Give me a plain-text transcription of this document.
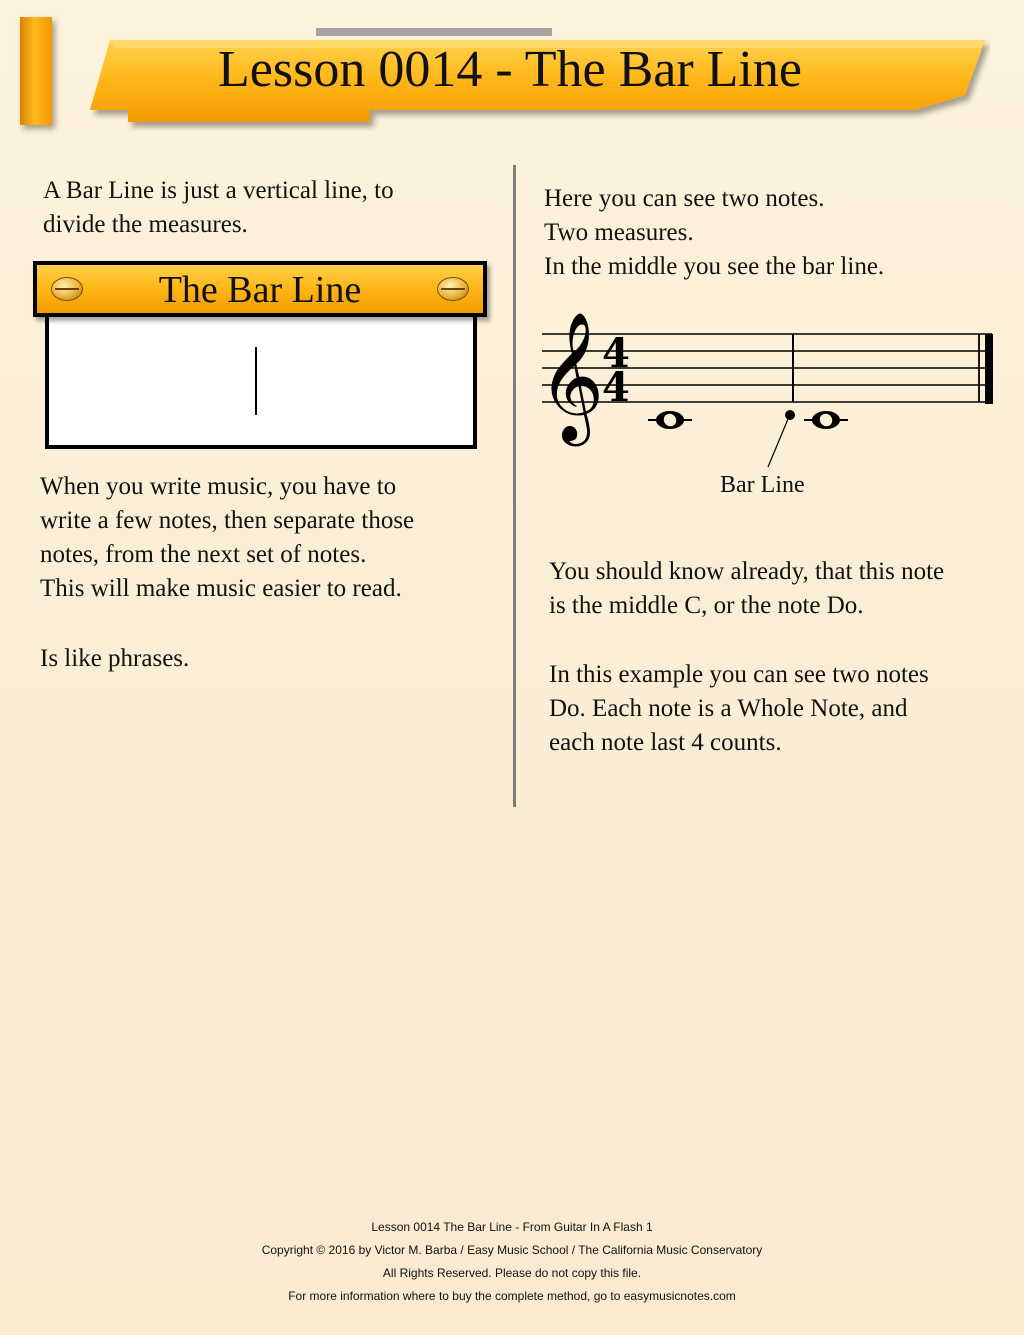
Lesson 0014 - The Bar Line

A Bar Line is just a vertical line, to

divide the measures.

The Bar Line

When you write music, you have to

write a few notes, then separate those

notes, from the next set of notes.

This will make music easier to read.

Is like phrases.

Here you can see two notes.

Two measures.

In the middle you see the bar line.

𝄞
4
4

Bar Line

You should know already, that this note

is the middle C, or the note Do.

In this example you can see two notes

Do. Each note is a Whole Note, and

each note last 4 counts.

Lesson 0014 The Bar Line - From Guitar In A Flash 1
Copyright © 2016 by Victor M. Barba / Easy Music School / The California Music Conservatory
All Rights Reserved. Please do not copy this file.
For more information where to buy the complete method, go to easymusicnotes.com
